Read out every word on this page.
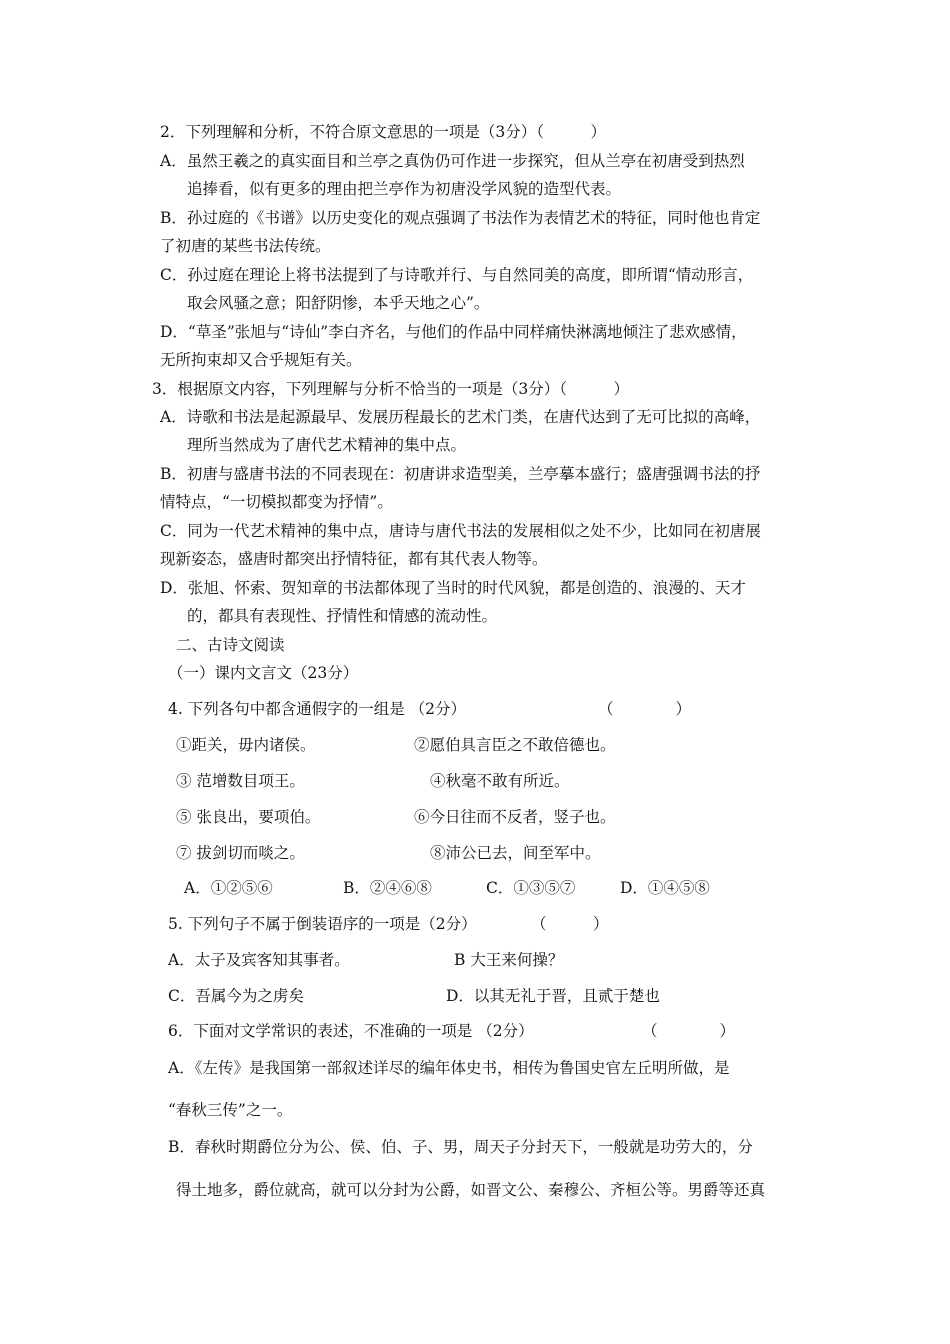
2．下列理解和分析，不符合原文意思的一项是（3分）（　　　）
A．虽然王羲之的真实面目和兰亭之真伪仍可作进一步探究，但从兰亭在初唐受到热烈
追捧看，似有更多的理由把兰亭作为初唐没学风貌的造型代表。
B．孙过庭的《书谱》以历史变化的观点强调了书法作为表情艺术的特征，同时他也肯定
了初唐的某些书法传统。
C．孙过庭在理论上将书法提到了与诗歌并行、与自然同美的高度，即所谓“情动形言，
取会风骚之意；阳舒阴惨，本乎天地之心”。
D．“草圣”张旭与“诗仙”李白齐名，与他们的作品中同样痛快淋漓地倾注了悲欢感情，
无所拘束却又合乎规矩有关。
3．根据原文内容，下列理解与分析不恰当的一项是（3分）（　　　）
A．诗歌和书法是起源最早、发展历程最长的艺术门类，在唐代达到了无可比拟的高峰，
理所当然成为了唐代艺术精神的集中点。
B．初唐与盛唐书法的不同表现在：初唐讲求造型美，兰亭摹本盛行；盛唐强调书法的抒
情特点，“一切模拟都变为抒情”。
C．同为一代艺术精神的集中点，唐诗与唐代书法的发展相似之处不少，比如同在初唐展
现新姿态，盛唐时都突出抒情特征，都有其代表人物等。
D．张旭、怀索、贺知章的书法都体现了当时的时代风貌，都是创造的、浪漫的、天才
的，都具有表现性、抒情性和情感的流动性。
二、古诗文阅读
（一）课内文言文（23分）
4. 下列各句中都含通假字的一组是 （2分）	（　　　　）
①距关，毋内诸侯。	②愿伯具言臣之不敢倍德也。
③ 范增数目项王。	④秋毫不敢有所近。
⑤ 张良出，要项伯。	⑥今日往而不反者，竖子也。
⑦ 拔剑切而啖之。	⑧沛公已去，间至军中。
A．①②⑤⑥	B．②④⑥⑧	C．①③⑤⑦	D．①④⑤⑧
5. 下列句子不属于倒装语序的一项是（2分）	（　　　）
A．太子及宾客知其事者。	B 大王来何操？
C．吾属今为之虏矣	D．以其无礼于晋，且贰于楚也
6．下面对文学常识的表述，不准确的一项是 （2分）	（　　　　）
A．《左传》是我国第一部叙述详尽的编年体史书，相传为鲁国史官左丘明所做，是
“春秋三传”之一。
B．春秋时期爵位分为公、侯、伯、子、男，周天子分封天下，一般就是功劳大的，分
得土地多，爵位就高，就可以分封为公爵，如晋文公、秦穆公、齐桓公等。男爵等还真
